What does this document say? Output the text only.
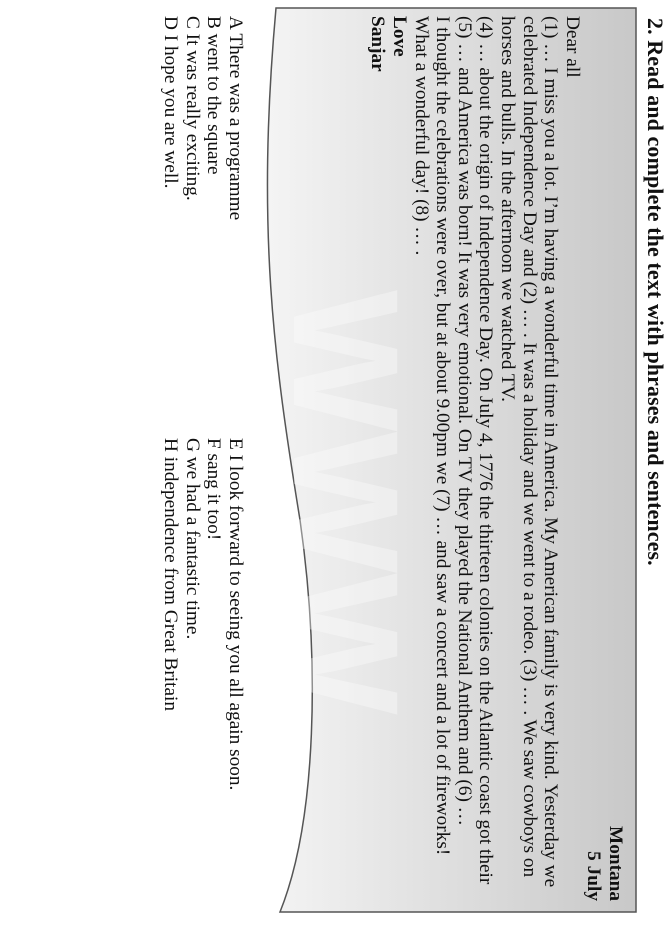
2. Read and complete the text with phrases and sentences.
WWW

Montana

5 July

Dear all

(1) … I miss you a lot. I’m having a wonderful time in America. My American family is very kind. Yesterday we celebrated Independence Day and (2) … . It was a holiday and we went to a rodeo. (3) … . We saw cowboys on horses and bulls. In the afternoon we watched TV.

(4) … about the origin of Independence Day. On July 4, 1776 the thirteen colonies on the Atlantic coast got their (5) … and America was born! It was very emotional. On TV they played the National Anthem and (6) …

I thought the celebrations were over, but at about 9.00pm we (7) … and saw a concert and a lot of fireworks! What a wonderful day! (8) … .

Love

Sanjar

A There was a programme
B went to the square
C It was really exciting.
D I hope you are well.
E I look forward to seeing you all again soon.
F sang it too!
G we had a fantastic time.
H independence from Great Britain
